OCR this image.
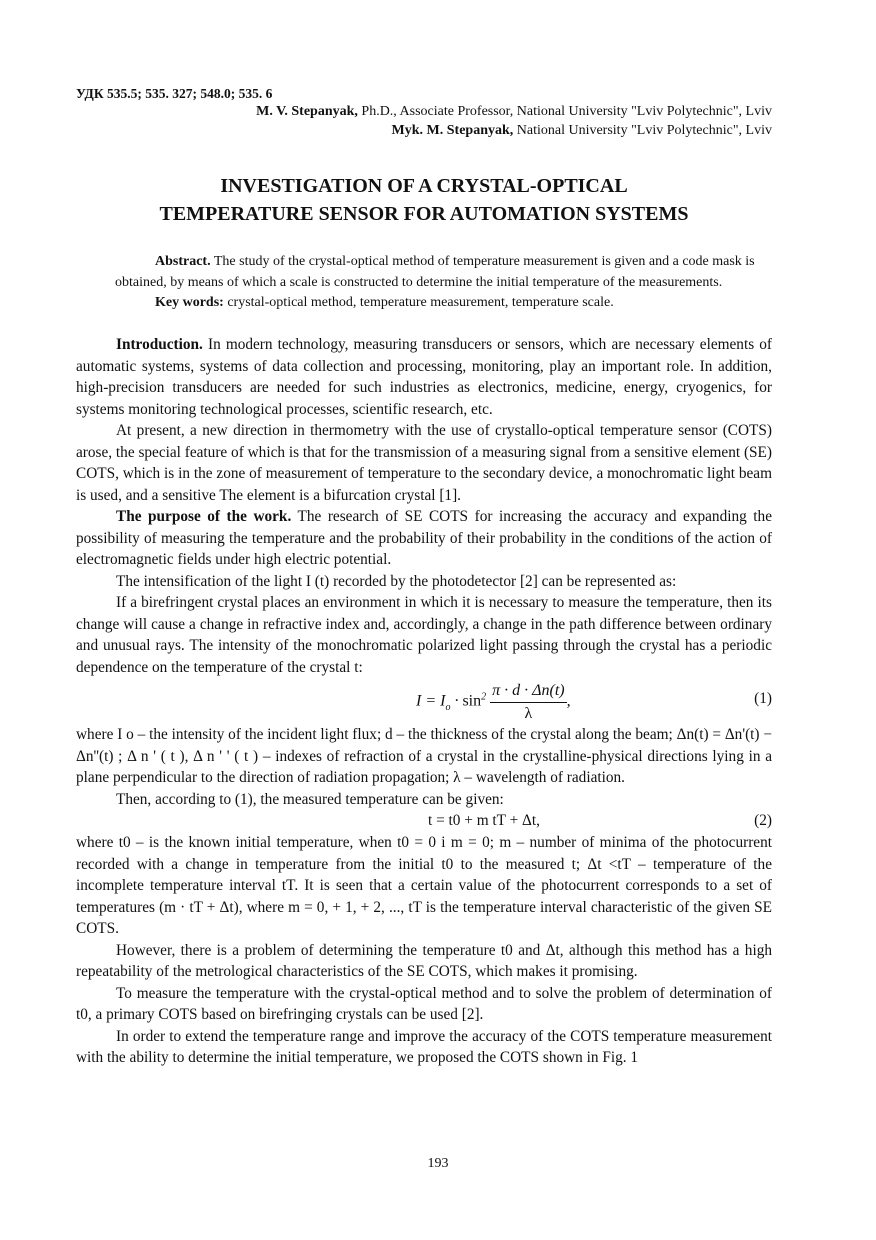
УДК 535.5; 535. 327; 548.0; 535. 6
M. V. Stepanyak, Ph.D., Associate Professor, National University "Lviv Polytechnic", Lviv
Myk. M. Stepanyak, National University "Lviv Polytechnic", Lviv
INVESTIGATION OF A CRYSTAL-OPTICAL
TEMPERATURE SENSOR FOR AUTOMATION SYSTEMS
Abstract. The study of the crystal-optical method of temperature measurement is given and a code mask is obtained, by means of which a scale is constructed to determine the initial temperature of the measurements.
Key words: crystal-optical method, temperature measurement, temperature scale.

Introduction. In modern technology, measuring transducers or sensors, which are necessary elements of automatic systems, systems of data collection and processing, monitoring, play an important role. In addition, high-precision transducers are needed for such industries as electronics, medicine, energy, cryogenics, for systems monitoring technological processes, scientific research, etc.

At present, a new direction in thermometry with the use of crystallo-optical temperature sensor (COTS) arose, the special feature of which is that for the transmission of a measuring signal from a sensitive element (SE) COTS, which is in the zone of measurement of temperature to the secondary device, a monochromatic light beam is used, and a sensitive The element is a bifurcation crystal [1].

The purpose of the work. The research of SE COTS for increasing the accuracy and expanding the possibility of measuring the temperature and the probability of their probability in the conditions of the action of electromagnetic fields under high electric potential.

The intensification of the light I (t) recorded by the photodetector [2] can be represented as:

If a birefringent crystal places an environment in which it is necessary to measure the temperature, then its change will cause a change in refractive index and, accordingly, a change in the path difference between ordinary and unusual rays. The intensity of the monochromatic polarized light passing through the crystal has a periodic dependence on the temperature of the crystal t:

$I = I_o \cdot \sin^2 \frac{\pi \cdot d \cdot \Delta n(t)}{\lambda}$ ,	(1)

where I o – the intensity of the incident light flux; d – the thickness of the crystal along the beam; Δn(t) = Δn'(t) − Δn''(t) ; Δ n ' ( t ), Δ n ' ' ( t ) – indexes of refraction of a crystal in the crystalline-physical directions lying in a plane perpendicular to the direction of radiation propagation; λ – wavelength of radiation.

Then, according to (1), the measured temperature can be given:

t = t0 + m tT + Δt,	(2)

where t0 – is the known initial temperature, when t0 = 0 i m = 0; m – number of minima of the photocurrent recorded with a change in temperature from the initial t0 to the measured t; Δt <tT – temperature of the incomplete temperature interval tT. It is seen that a certain value of the photocurrent corresponds to a set of temperatures (m · tT + Δt), where m = 0, + 1, + 2, ..., tT is the temperature interval characteristic of the given SE COTS.

However, there is a problem of determining the temperature t0 and Δt, although this method has a high repeatability of the metrological characteristics of the SE COTS, which makes it promising.

To measure the temperature with the crystal-optical method and to solve the problem of determination of t0, a primary COTS based on birefringing crystals can be used [2].

In order to extend the temperature range and improve the accuracy of the COTS temperature measurement with the ability to determine the initial temperature, we proposed the COTS shown in Fig. 1

193
